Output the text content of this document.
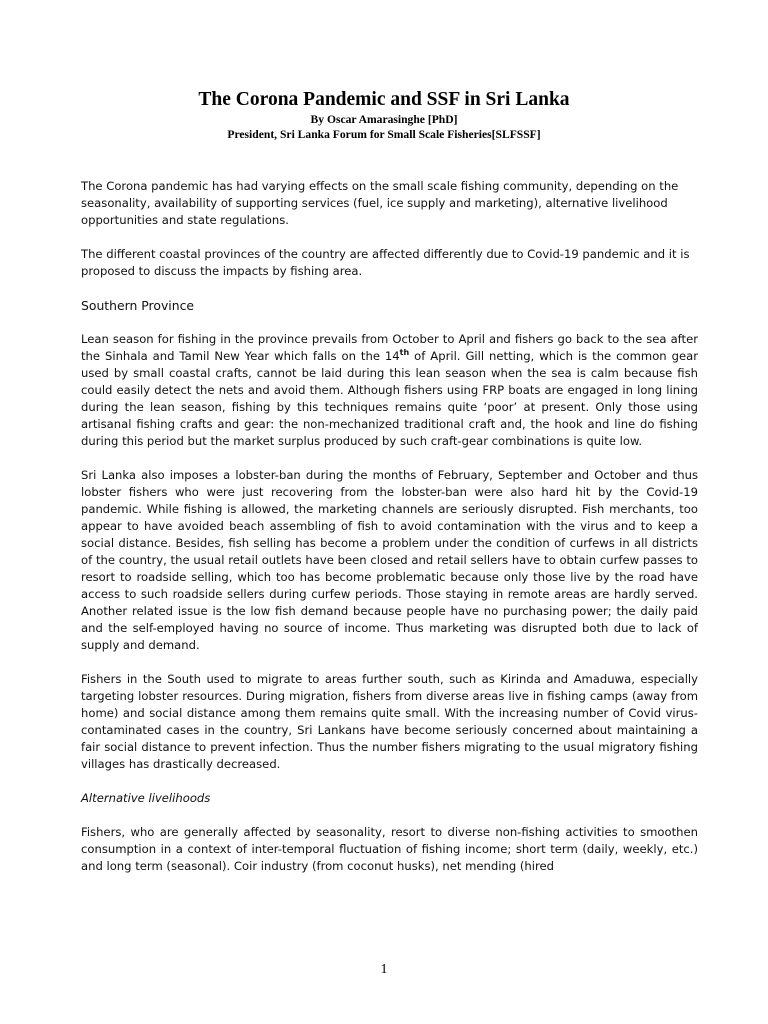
The Corona Pandemic and SSF in Sri Lanka

By Oscar Amarasinghe [PhD]

President, Sri Lanka Forum for Small Scale Fisheries[SLFSSF]

The Corona pandemic has had varying effects on the small scale fishing community, depending on the seasonality, availability of supporting services (fuel, ice supply and marketing), alternative livelihood opportunities and state regulations.

The different coastal provinces of the country are affected differently due to Covid-19 pandemic and it is proposed to discuss the impacts by fishing area.

Southern Province

Lean season for fishing in the province prevails from October to April and fishers go back to the sea after the Sinhala and Tamil New Year which falls on the 14th of April. Gill netting, which is the common gear used by small coastal crafts, cannot be laid during this lean season when the sea is calm because fish could easily detect the nets and avoid them. Although fishers using FRP boats are engaged in long lining during the lean season, fishing by this techniques remains quite ‘poor’ at present. Only those using artisanal fishing crafts and gear: the non-mechanized traditional craft and, the hook and line do fishing during this period but the market surplus produced by such craft-gear combinations is quite low.

Sri Lanka also imposes a lobster-ban during the months of February, September and October and thus lobster fishers who were just recovering from the lobster-ban were also hard hit by the Covid-19 pandemic. While fishing is allowed, the marketing channels are seriously disrupted. Fish merchants, too appear to have avoided beach assembling of fish to avoid contamination with the virus and to keep a social distance. Besides, fish selling has become a problem under the condition of curfews in all districts of the country, the usual retail outlets have been closed and retail sellers have to obtain curfew passes to resort to roadside selling, which too has become problematic because only those live by the road have access to such roadside sellers during curfew periods. Those staying in remote areas are hardly served. Another related issue is the low fish demand because people have no purchasing power; the daily paid and the self-employed having no source of income. Thus marketing was disrupted both due to lack of supply and demand.

Fishers in the South used to migrate to areas further south, such as Kirinda and Amaduwa, especially targeting lobster resources. During migration, fishers from diverse areas live in fishing camps (away from home) and social distance among them remains quite small. With the increasing number of Covid virus-contaminated cases in the country, Sri Lankans have become seriously concerned about maintaining a fair social distance to prevent infection. Thus the number fishers migrating to the usual migratory fishing villages has drastically decreased.

Alternative livelihoods

Fishers, who are generally affected by seasonality, resort to diverse non-fishing activities to smoothen consumption in a context of inter-temporal fluctuation of fishing income; short term (daily, weekly, etc.) and long term (seasonal). Coir industry (from coconut husks), net mending (hired

1
